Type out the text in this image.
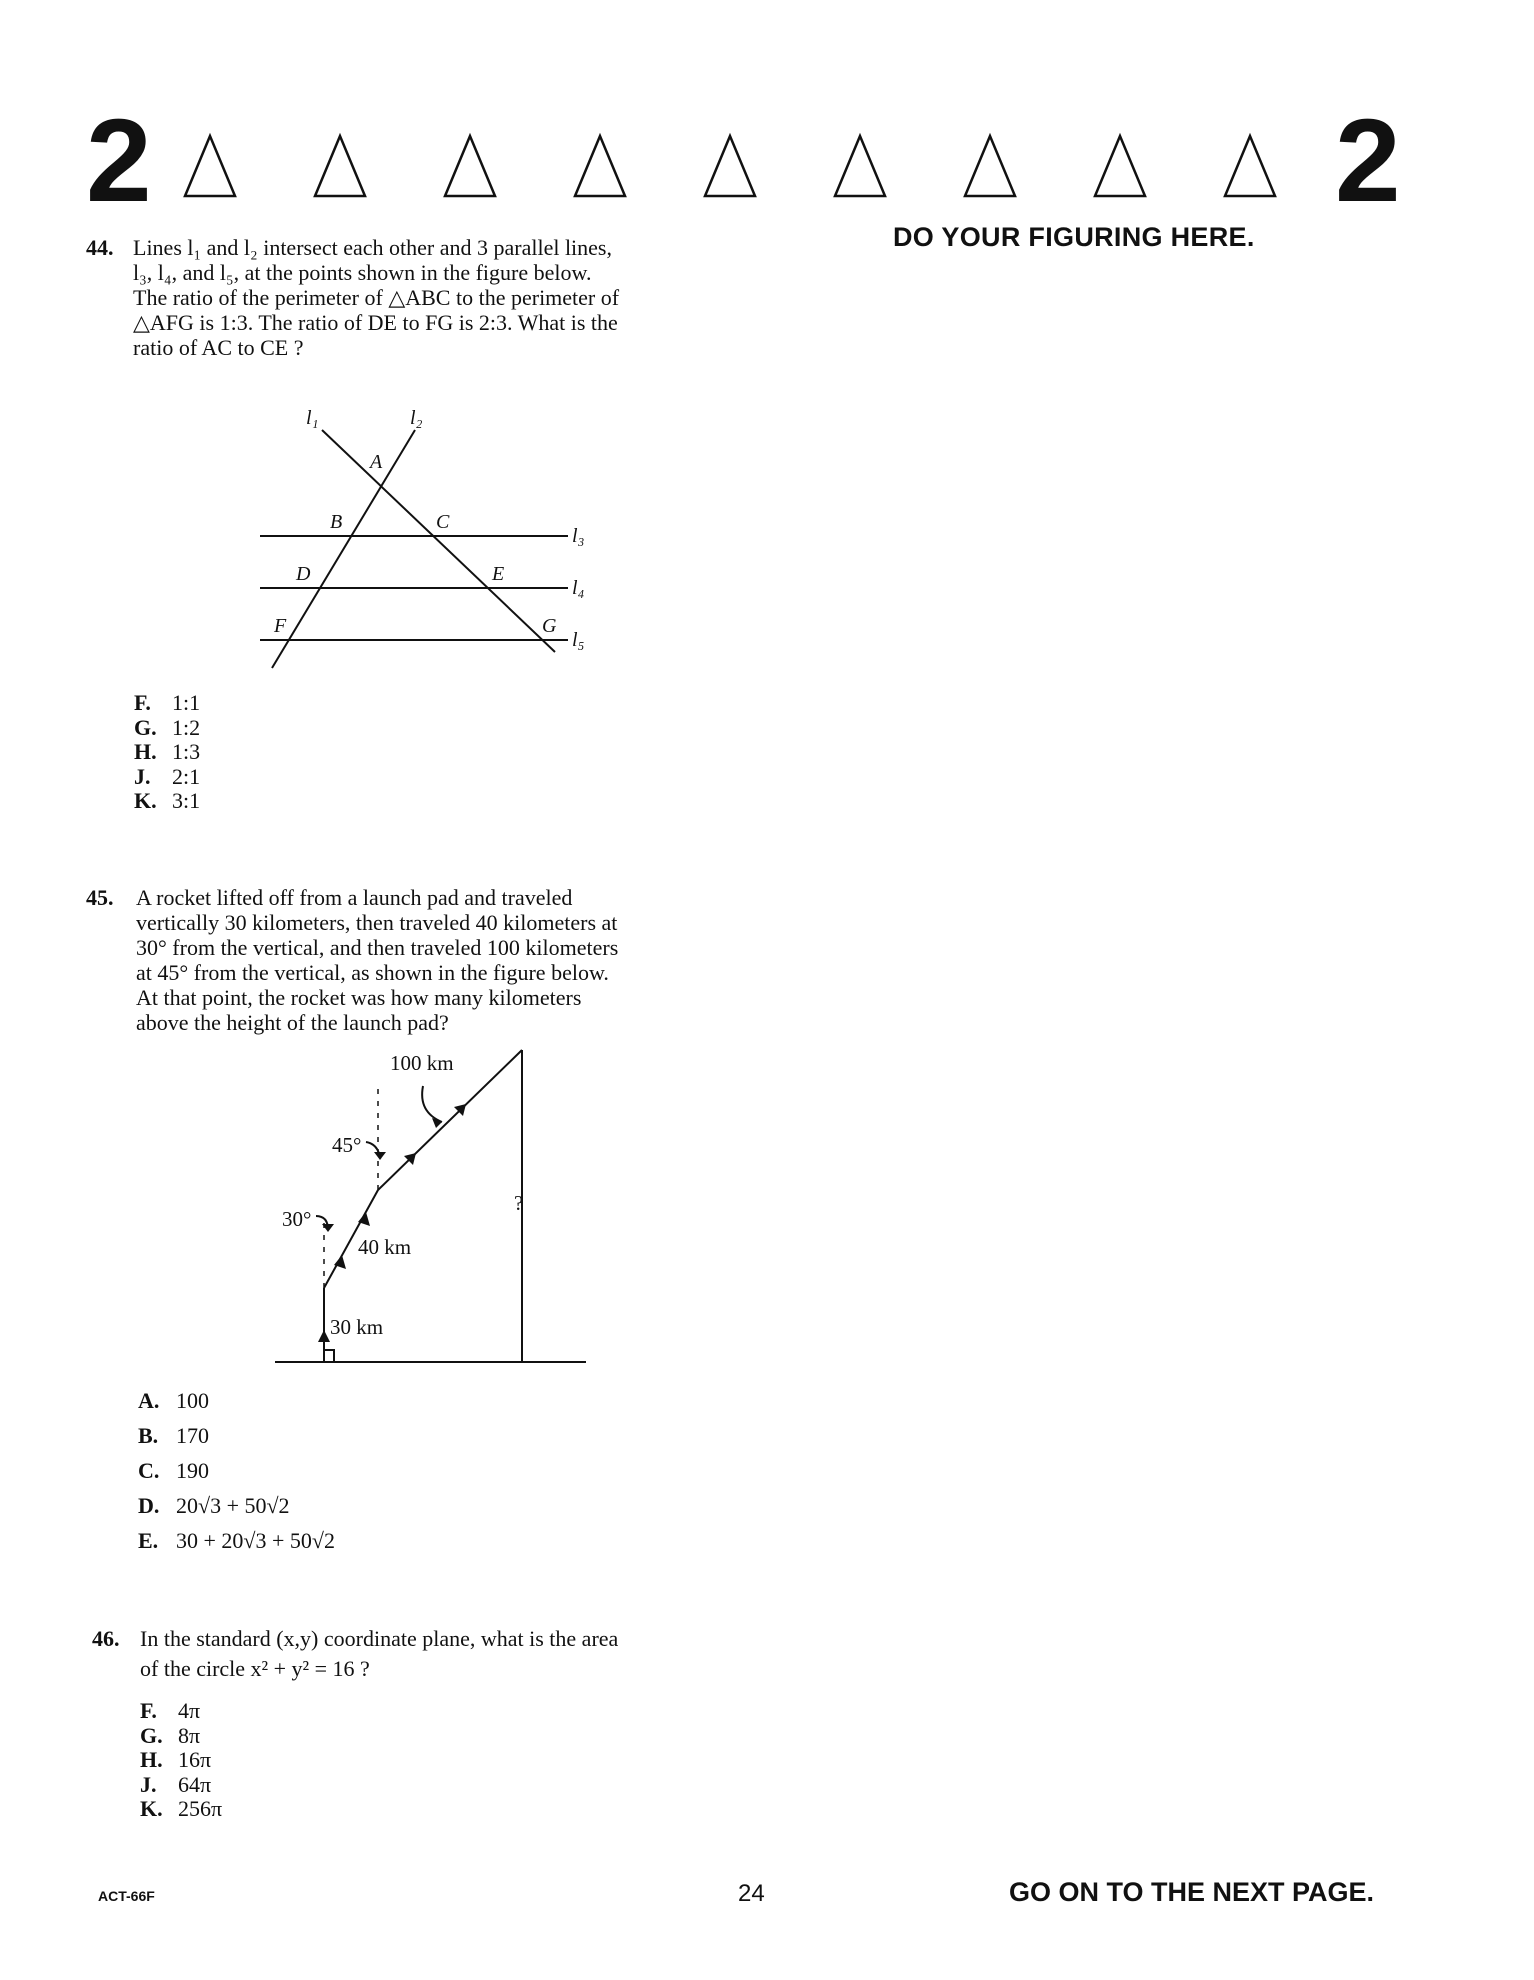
2	2
DO YOUR FIGURING HERE.
44. Lines l₁ and l₂ intersect each other and 3 parallel lines,
l₃, l₄, and l₅, at the points shown in the figure below.
The ratio of the perimeter of △ABC to the perimeter of
△AFG is 1:3. The ratio of DE to FG is 2:3. What is the
ratio of AC to CE ?
l₁	l₂
A
B	C
l₃
D	E
l₄
F	G
l₅
F. 1:1
G. 1:2
H. 1:3
J. 2:1
K. 3:1
45. A rocket lifted off from a launch pad and traveled
vertically 30 kilometers, then traveled 40 kilometers at
30° from the vertical, and then traveled 100 kilometers
at 45° from the vertical, as shown in the figure below.
At that point, the rocket was how many kilometers
above the height of the launch pad?
100 km
45°
30°
40 km
30 km
?
A. 100
B. 170
C. 190
D. 20√3 + 50√2
E. 30 + 20√3 + 50√2
46. In the standard (x,y) coordinate plane, what is the area
of the circle x² + y² = 16 ?
F. 4π
G. 8π
H. 16π
J. 64π
K. 256π
ACT-66F	24	GO ON TO THE NEXT PAGE.
